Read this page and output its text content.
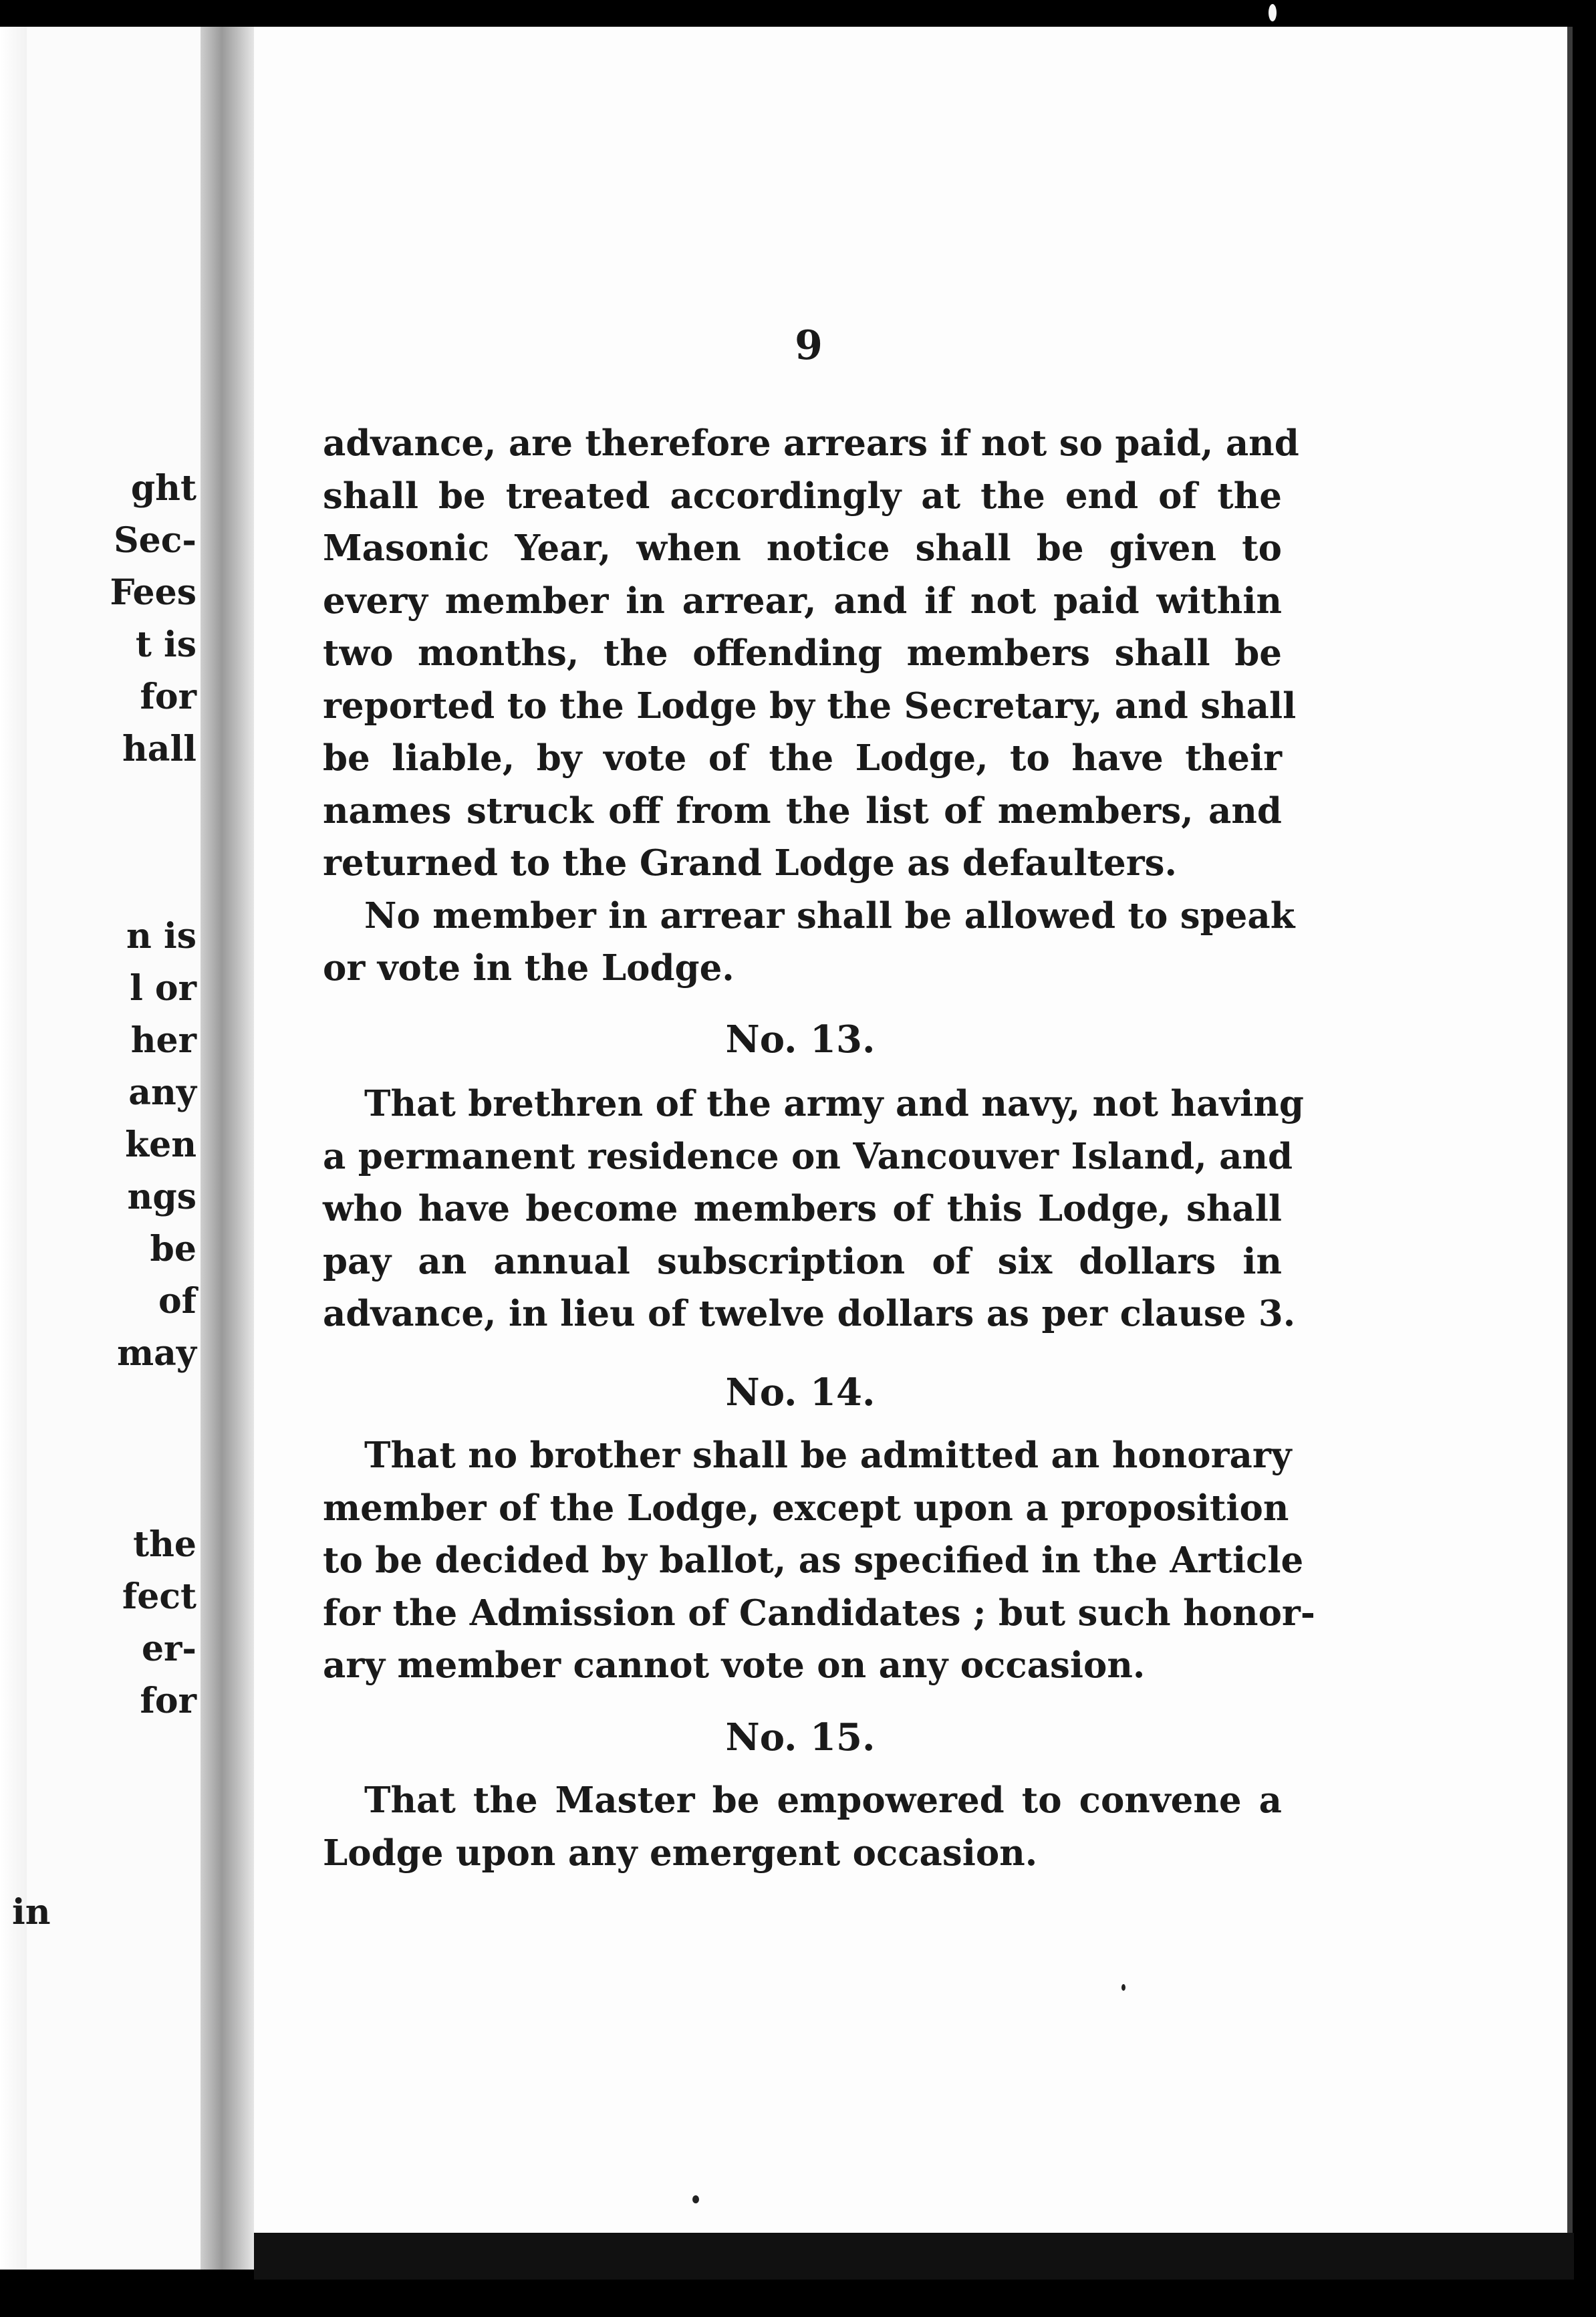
ght
Sec-
Fees
t is
for
hall
n is
l or
her
any
ken
ngs
be
of
may
the
fect
er-
for
in
9
advance, are therefore arrears if not so paid, and
shall be treated accordingly at the end of the
Masonic Year, when notice shall be given to
every member in arrear, and if not paid within
two months, the offending members shall be
reported to the Lodge by the Secretary, and shall
be liable, by vote of the Lodge, to have their
names struck off from the list of members, and
returned to the Grand Lodge as defaulters.
No member in arrear shall be allowed to speak
or vote in the Lodge.
No. 13.
That brethren of the army and navy, not having
a permanent residence on Vancouver Island, and
who have become members of this Lodge, shall
pay an annual subscription of six dollars in
advance, in lieu of twelve dollars as per clause 3.
No. 14.
That no brother shall be admitted an honorary
member of the Lodge, except upon a proposition
to be decided by ballot, as specified in the Article
for the Admission of Candidates ; but such honor-
ary member cannot vote on any occasion.
No. 15.
That the Master be empowered to convene a
Lodge upon any emergent occasion.
